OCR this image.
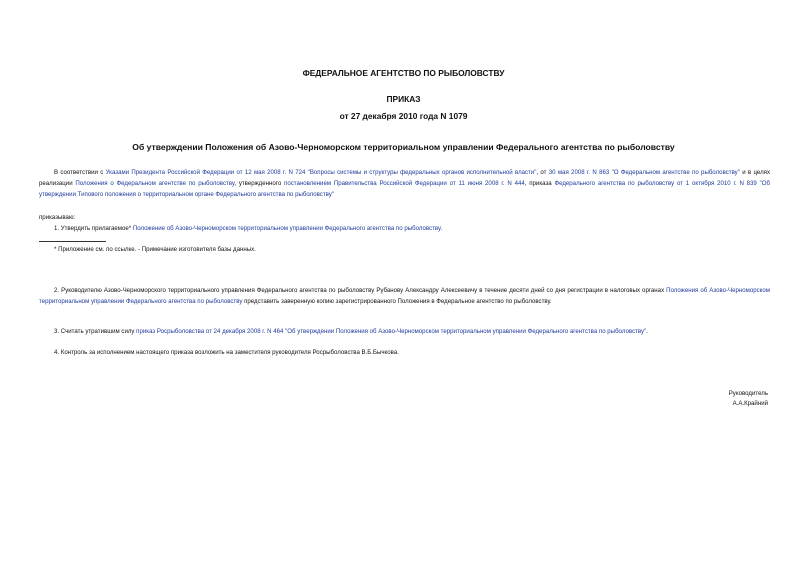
ФЕДЕРАЛЬНОЕ АГЕНТСТВО ПО РЫБОЛОВСТВУ
ПРИКАЗ
от 27 декабря 2010 года N 1079
Об утверждении Положения об Азово-Черноморском территориальном управлении Федерального агентства по рыболовству

В соответствии с Указами Президента Российской Федерации от 12 мая 2008 г. N 724 "Вопросы системы и структуры федеральных органов исполнительной власти", от 30 мая 2008 г. N 863 "О Федеральном агентстве по рыболовству" и в целях реализации Положения о Федеральном агентстве по рыболовству, утвержденного постановлением Правительства Российской Федерации от 11 июня 2008 г. N 444, приказа Федерального агентства по рыболовству от 1 октября 2010 г. N 839 "Об утверждении Типового положения о территориальном органе Федерального агентства по рыболовству"

приказываю:

1. Утвердить прилагаемое* Положение об Азово-Черноморском территориальном управлении Федерального агентства по рыболовству.

* Приложение см. по ссылке. - Примечание изготовителя базы данных.

2. Руководителю Азово-Черноморского территориального управления Федерального агентства по рыболовству Рубанову Александру Алексеевичу в течение десяти дней со дня регистрации в налоговых органах Положения об Азово-Черноморском территориальном управлении Федерального агентства по рыболовству представить заверенную копию зарегистрированного Положения в Федеральное агентство по рыболовству.

3. Считать утратившим силу приказ Росрыболовства от 24 декабря 2008 г. N 464 "Об утверждении Положения об Азово-Черноморском территориальном управлении Федерального агентства по рыболовству".

4. Контроль за исполнением настоящего приказа возложить на заместителя руководителя Росрыболовства В.Б.Бычкова.

Руководитель
А.А.Крайний
